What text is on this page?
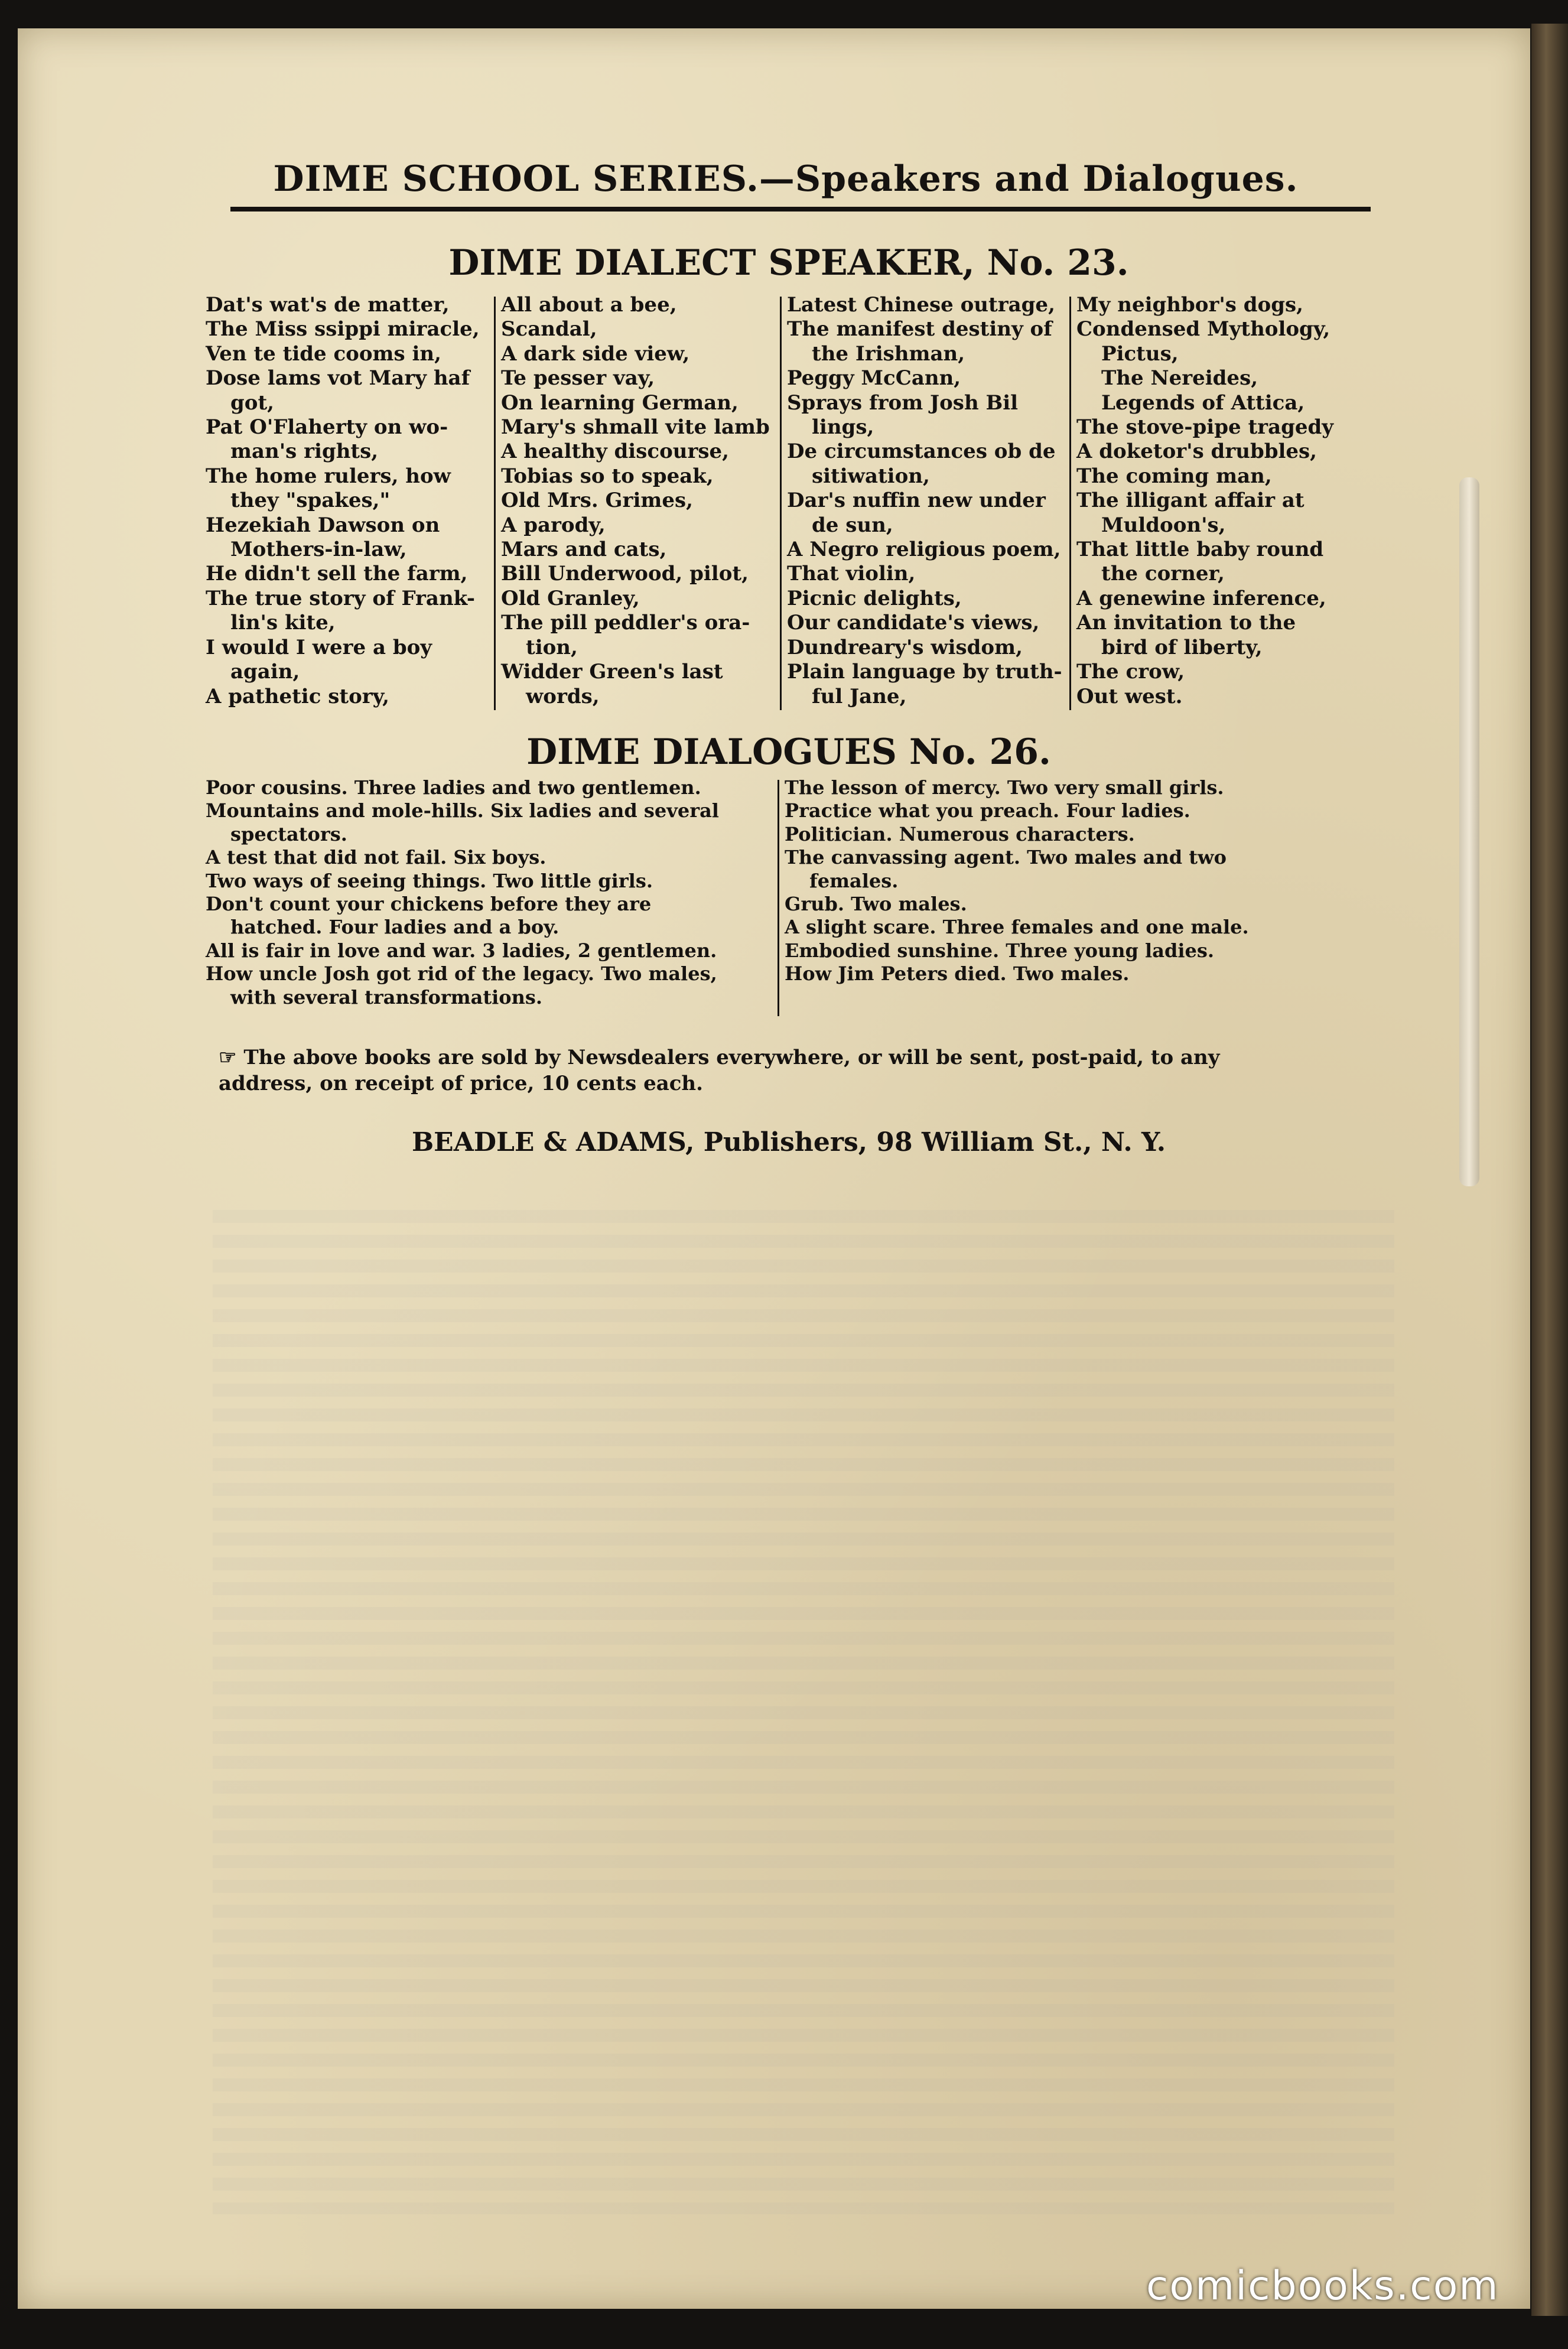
DIME SCHOOL SERIES.—Speakers and Dialogues.
DIME DIALECT SPEAKER, No. 23.
Dat's wat's de matter,
The Miss ssippi miracle,
Ven te tide cooms in,
Dose lams vot Mary haf
got,
Pat O'Flaherty on wo-
man's rights,
The home rulers, how
they "spakes,"
Hezekiah Dawson on
Mothers-in-law,
He didn't sell the farm,
The true story of Frank-
lin's kite,
I would I were a boy
again,
A pathetic story,
All about a bee,
Scandal,
A dark side view,
Te pesser vay,
On learning German,
Mary's shmall vite lamb
A healthy discourse,
Tobias so to speak,
Old Mrs. Grimes,
A parody,
Mars and cats,
Bill Underwood, pilot,
Old Granley,
The pill peddler's ora-
tion,
Widder Green's last
words,
Latest Chinese outrage,
The manifest destiny of
the Irishman,
Peggy McCann,
Sprays from Josh Bil
lings,
De circumstances ob de
sitiwation,
Dar's nuffin new under
de sun,
A Negro religious poem,
That violin,
Picnic delights,
Our candidate's views,
Dundreary's wisdom,
Plain language by truth-
ful Jane,
My neighbor's dogs,
Condensed Mythology,
Pictus,
The Nereides,
Legends of Attica,
The stove-pipe tragedy
A doketor's drubbles,
The coming man,
The illigant affair at
Muldoon's,
That little baby round
the corner,
A genewine inference,
An invitation to the
bird of liberty,
The crow,
Out west.
DIME DIALOGUES No. 26.
Poor cousins. Three ladies and two gentlemen.
Mountains and mole-hills. Six ladies and several
spectators.
A test that did not fail. Six boys.
Two ways of seeing things. Two little girls.
Don't count your chickens before they are
hatched. Four ladies and a boy.
All is fair in love and war. 3 ladies, 2 gentlemen.
How uncle Josh got rid of the legacy. Two males,
with several transformations.
The lesson of mercy. Two very small girls.
Practice what you preach. Four ladies.
Politician. Numerous characters.
The canvassing agent. Two males and two
females.
Grub. Two males.
A slight scare. Three females and one male.
Embodied sunshine. Three young ladies.
How Jim Peters died. Two males.
☞ The above books are sold by Newsdealers everywhere, or will be sent, post-paid, to any
address, on receipt of price, 10 cents each.
BEADLE & ADAMS, Publishers, 98 William St., N. Y.
comicbooks.com
